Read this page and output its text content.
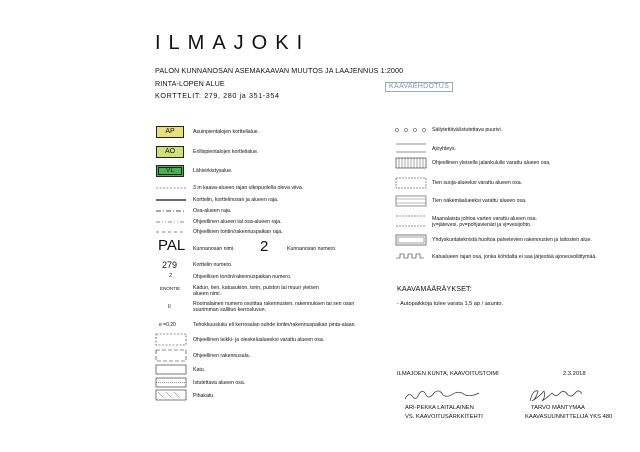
ILMAJOKI
PALON KUNNANOSAN ASEMAKAAVAN MUUTOS JA LAAJENNUS 1:2000
RINTA-LOPEN ALUE
KORTTELIT: 279, 280 ja 351-354
KAAVAEHDOTUS
AP	Asuinpientalojen korttelialue.
AO	Erillispientalojen korttelialue.
VL	Lähivirkistysalue.
3 m kaava-alueen rajan ulkopuolella oleva viiva.
Korttelin, korttelinosan ja alueen raja.
Osa-alueen raja.
Ohjeellinen alueen tai osa-alueen raja.
Ohjeellinen tontin/rakennuspaikan raja.
PAL Kunnanosan nimi. 2	Kunnanosan numero.
279	Korttelin numero.
2	Ohjeellisen tontin/rakennuspaikan numero.
ÉNONTIE Kadun, tien, katuaukion, torin, puiston tai muun yleisen alueen nimi.
II	Roomalainen numero osoittaa rakennusten, rakennuksen tai sen osan suurimman sallitun kerrosluvun.
e =0.20	Tehokkuusluku eli kerrosalan suhde tontin/rakennuspaikan pinta-alaan.
Ohjeellinen leikki- ja oleskelualueeksi varattu alueen osa.
Ohjeellinen rakennusala.
Katu.
Istutettava alueen osa.
Pihakatu.
Säilytettävä/istutettava puurivi.
Ajoyhteys.
Ohjeellinen yleiselle jalankululle varattu alueen osa.
Tien suoja-alueeksi varattu alueen osa.
Tien näkemäalueeksi varattu alueen osa.
Maanalaista johtoa varten varattu alueen osa.
jv=jätevesi, pv=pohjavienäri ja vj=vesijohto.
Yhdyskuntateknistä huoltoa palvelevien rakennusten ja laitosten alue.
Katualueen rajan osa, jonka kohdalta ei saa järjestää ajoneuvoliittymää.
KAAVAMÄÄRÄYKSET:
- Autopaikkoja tulee varata 1,5 ap / asunto.
ILMAJOEN KUNTA, KAAVOITUSTOIMI	2.3.2018
ARI-PEKKA LAITALAINEN
VS. KAAVOITUSARKKITEHTI
TARVO MÄNTYMAA
KAAVASUUNNITTELIJA YKS 480
